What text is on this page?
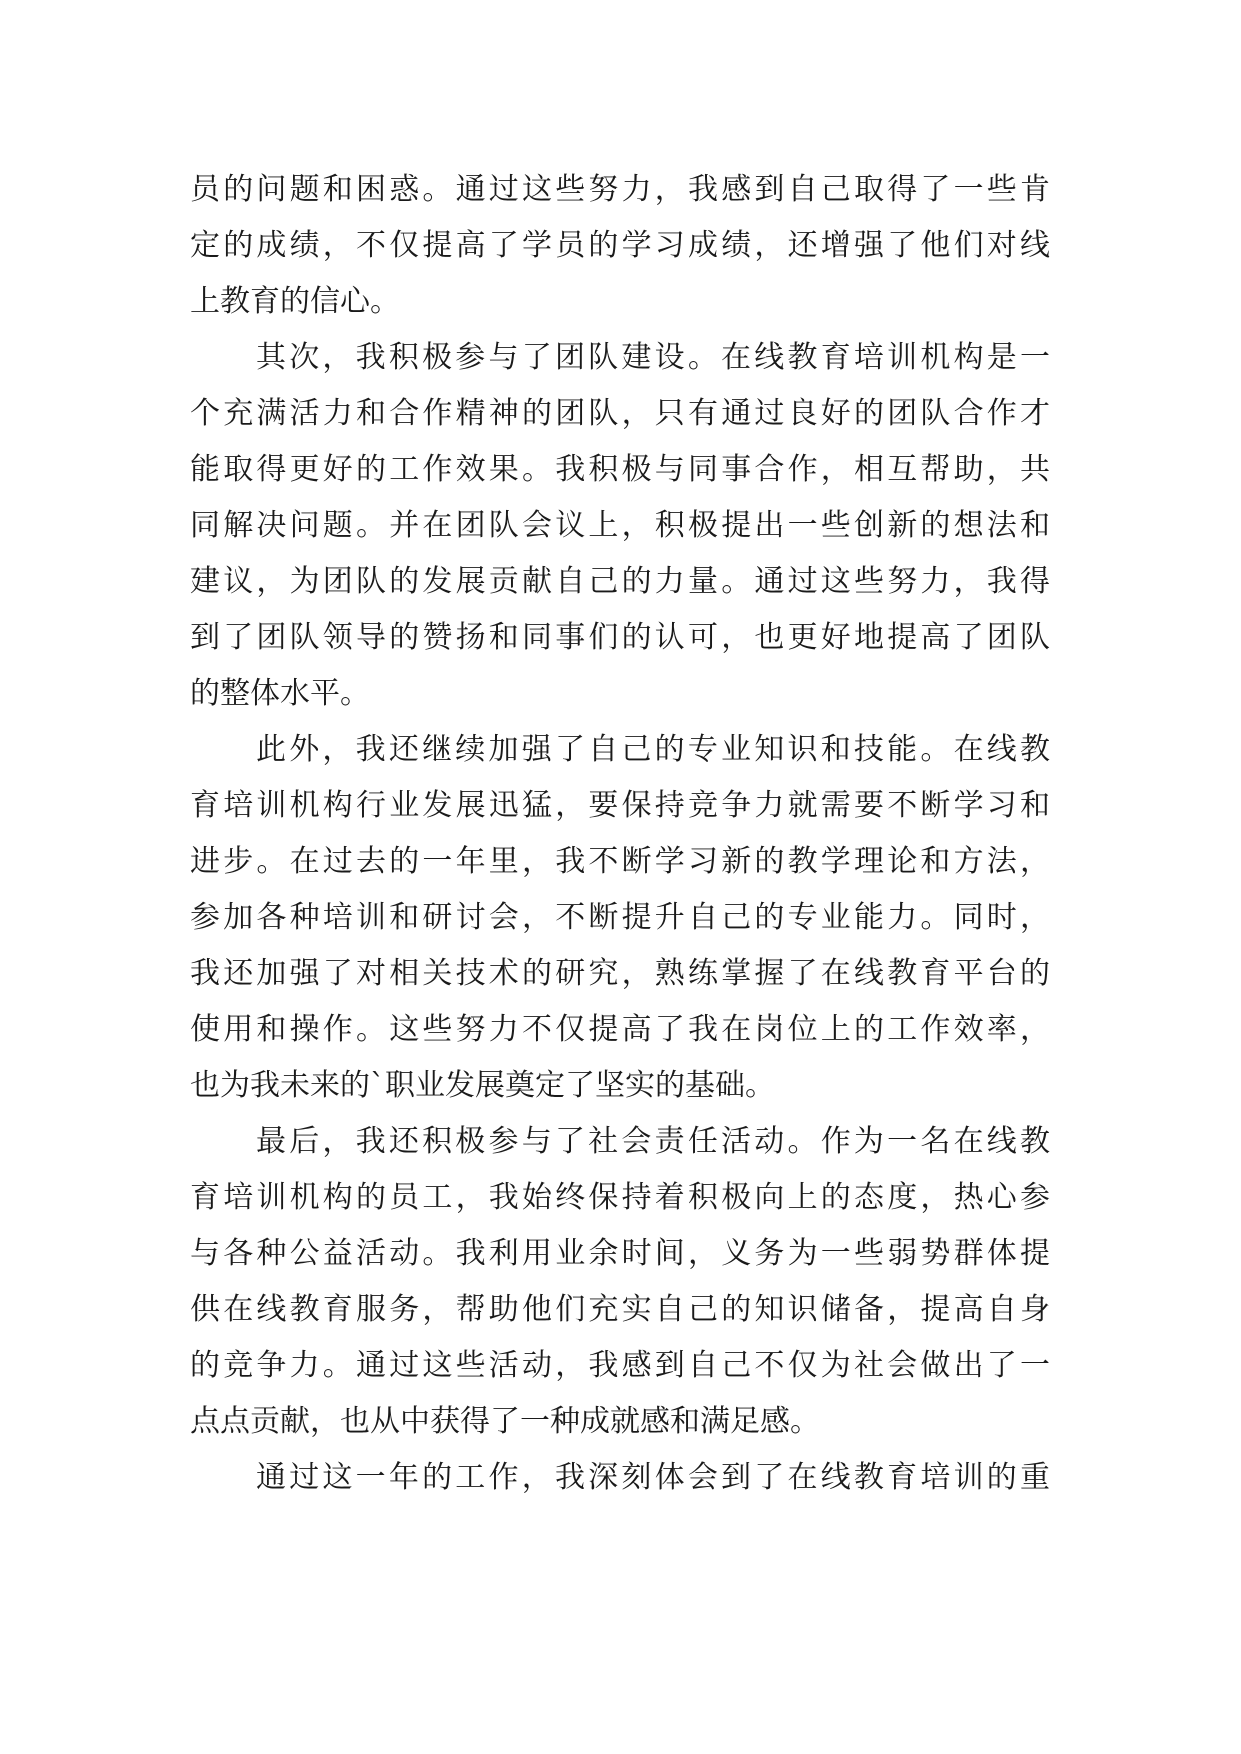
员的问题和困惑。通过这些努力，我感到自己取得了一些肯
定的成绩，不仅提高了学员的学习成绩，还增强了他们对线
上教育的信心。
其次，我积极参与了团队建设。在线教育培训机构是一
个充满活力和合作精神的团队，只有通过良好的团队合作才
能取得更好的工作效果。我积极与同事合作，相互帮助，共
同解决问题。并在团队会议上，积极提出一些创新的想法和
建议，为团队的发展贡献自己的力量。通过这些努力，我得
到了团队领导的赞扬和同事们的认可，也更好地提高了团队
的整体水平。
此外，我还继续加强了自己的专业知识和技能。在线教
育培训机构行业发展迅猛，要保持竞争力就需要不断学习和
进步。在过去的一年里，我不断学习新的教学理论和方法，
参加各种培训和研讨会，不断提升自己的专业能力。同时，
我还加强了对相关技术的研究，熟练掌握了在线教育平台的
使用和操作。这些努力不仅提高了我在岗位上的工作效率，
也为我未来的`职业发展奠定了坚实的基础。
最后，我还积极参与了社会责任活动。作为一名在线教
育培训机构的员工，我始终保持着积极向上的态度，热心参
与各种公益活动。我利用业余时间，义务为一些弱势群体提
供在线教育服务，帮助他们充实自己的知识储备，提高自身
的竞争力。通过这些活动，我感到自己不仅为社会做出了一
点点贡献，也从中获得了一种成就感和满足感。
通过这一年的工作，我深刻体会到了在线教育培训的重
